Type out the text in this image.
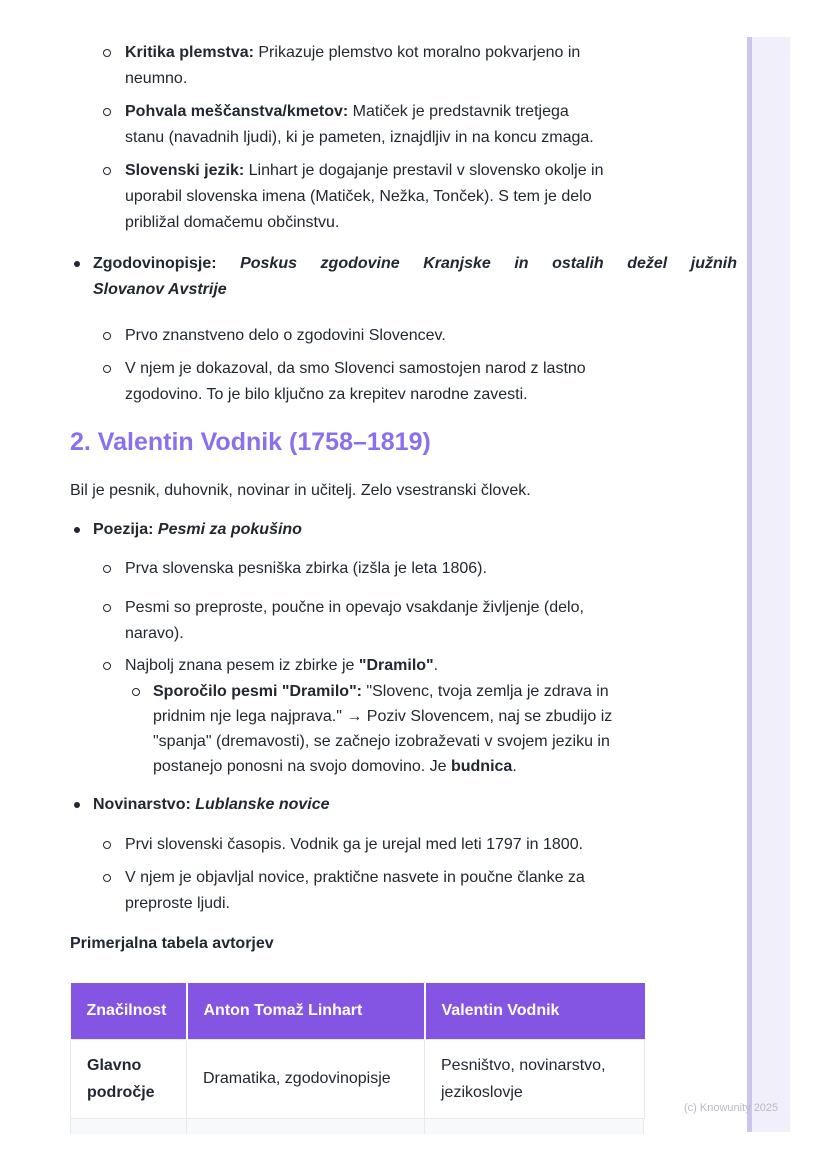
(c) Knowunity 2025
Kritika plemstva: Prikazuje plemstvo kot moralno pokvarjeno in
neumno.
Pohvala meščanstva/kmetov: Matiček je predstavnik tretjega
stanu (navadnih ljudi), ki je pameten, iznajdljiv in na koncu zmaga.
Slovenski jezik: Linhart je dogajanje prestavil v slovensko okolje in
uporabil slovenska imena (Matiček, Nežka, Tonček). S tem je delo
približal domačemu občinstvu.
Zgodovinopisje: Poskus zgodovine Kranjske in ostalih dežel južnih
Slovanov Avstrije
Prvo znanstveno delo o zgodovini Slovencev.
V njem je dokazoval, da smo Slovenci samostojen narod z lastno
zgodovino. To je bilo ključno za krepitev narodne zavesti.
2. Valentin Vodnik (1758–1819)

Bil je pesnik, duhovnik, novinar in učitelj. Zelo vsestranski človek.

Poezija: Pesmi za pokušino
Prva slovenska pesniška zbirka (izšla je leta 1806).
Pesmi so preproste, poučne in opevajo vsakdanje življenje (delo,
naravo).
Najbolj znana pesem iz zbirke je "Dramilo".
Sporočilo pesmi "Dramilo": "Slovenc, tvoja zemlja je zdrava in
pridnim nje lega najprava." → Poziv Slovencem, naj se zbudijo iz
"spanja" (dremavosti), se začnejo izobraževati v svojem jeziku in
postanejo ponosni na svojo domovino. Je budnica.
Novinarstvo: Lublanske novice
Prvi slovenski časopis. Vodnik ga je urejal med leti 1797 in 1800.
V njem je objavljal novice, praktične nasvete in poučne članke za
preproste ljudi.

Primerjalna tabela avtorjev

Značilnost	Anton Tomaž Linhart	Valentin Vodnik
Glavno področje	Dramatika, zgodovinopisje	Pesništvo, novinarstvo, jezikoslovje
